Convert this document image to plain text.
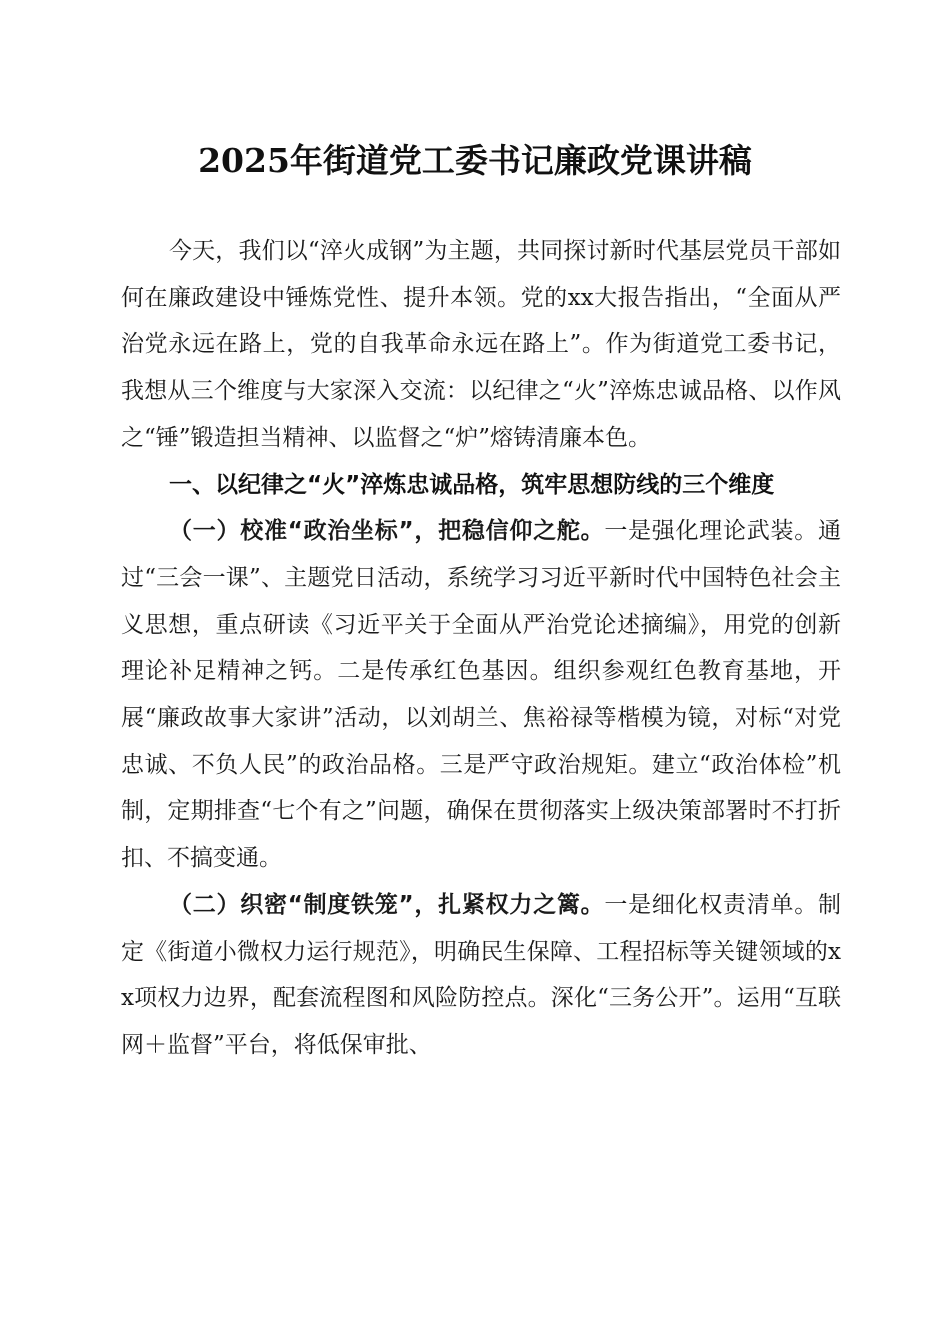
2025年街道党工委书记廉政党课讲稿

今天，我们以“淬火成钢”为主题，共同探讨新时代基层党员干部如何在廉政建设中锤炼党性、提升本领。党的xx大报告指出，“全面从严治党永远在路上，党的自我革命永远在路上”。作为街道党工委书记，我想从三个维度与大家深入交流：以纪律之“火”淬炼忠诚品格、以作风之“锤”锻造担当精神、以监督之“炉”熔铸清廉本色。

一、以纪律之“火”淬炼忠诚品格，筑牢思想防线的三个维度

（一）校准“政治坐标”，把稳信仰之舵。一是强化理论武装。通过“三会一课”、主题党日活动，系统学习习近平新时代中国特色社会主义思想，重点研读《习近平关于全面从严治党论述摘编》，用党的创新理论补足精神之钙。二是传承红色基因。组织参观红色教育基地，开展“廉政故事大家讲”活动，以刘胡兰、焦裕禄等楷模为镜，对标“对党忠诚、不负人民”的政治品格。三是严守政治规矩。建立“政治体检”机制，定期排查“七个有之”问题，确保在贯彻落实上级决策部署时不打折扣、不搞变通。

（二）织密“制度铁笼”，扎紧权力之篱。一是细化权责清单。制定《街道小微权力运行规范》，明确民生保障、工程招标等关键领域的xx项权力边界，配套流程图和风险防控点。深化“三务公开”。运用“互联网＋监督”平台，将低保审批、
